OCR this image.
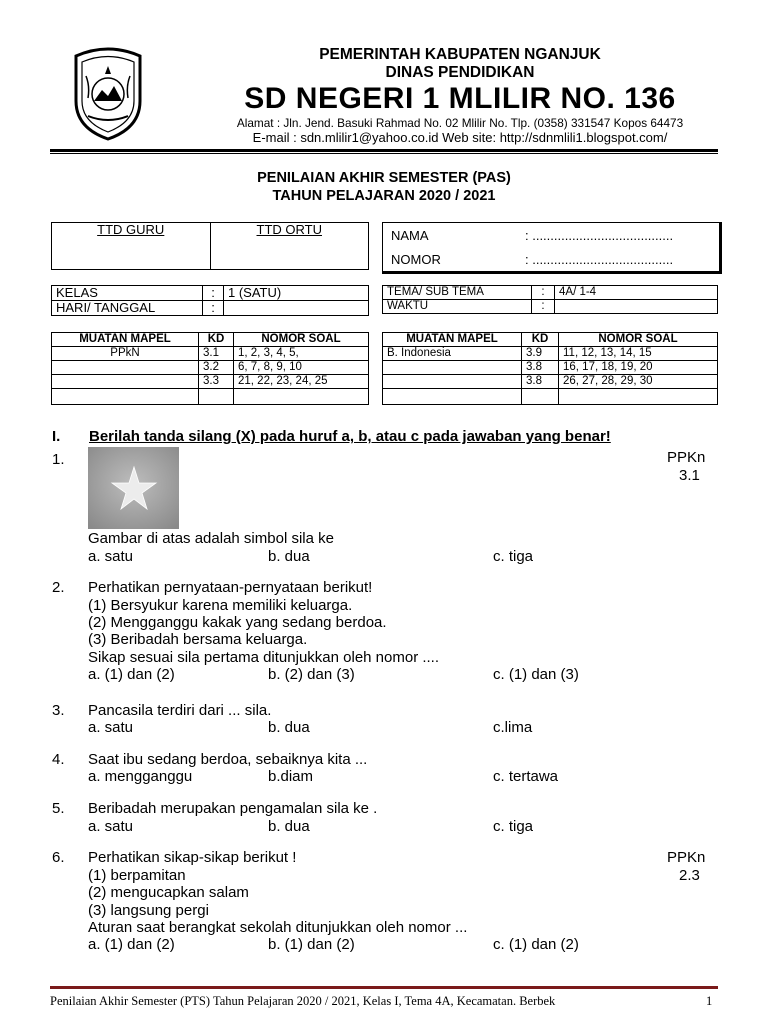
PEMERINTAH KABUPATEN NGANJUK
DINAS PENDIDIKAN
SD NEGERI 1 MLILIR NO. 136
Alamat : Jln. Jend. Basuki Rahmad No. 02 Mlilir No. Tlp. (0358) 331547 Kopos 64473
E-mail : sdn.mlilir1@yahoo.co.id Web site: http://sdnmlili1.blogspot.com/
PENILAIAN AKHIR SEMESTER (PAS)
TAHUN PELAJARAN 2020 / 2021
TTD GURU	TTD ORTU	NAMA	: .......................................
NOMOR	: .......................................
KELAS	:	1 (SATU)
HARI/ TANGGAL	:	
TEMA/ SUB TEMA	:	4A/ 1-4
WAKTU	:	
MUATAN MAPEL	KD	NOMOR SOAL
PPkN	3.1	1, 2, 3, 4, 5,
	3.2	6, 7, 8, 9, 10
	3.3	21, 22, 23, 24, 25

MUATAN MAPEL	KD	NOMOR SOAL
B. Indonesia	3.9	11, 12, 13, 14, 15
	3.8	16, 17, 18, 19, 20
	3.8	26, 27, 28, 29, 30

I. Berilah tanda silang (X) pada huruf a, b, atau c pada jawaban yang benar!
1.	PPKn
3.1
Gambar di atas adalah simbol sila ke
a. satu	b. dua	c. tiga
2. Perhatikan pernyataan-pernyataan berikut!
(1) Bersyukur karena memiliki keluarga.
(2) Mengganggu kakak yang sedang berdoa.
(3) Beribadah bersama keluarga.
Sikap sesuai sila pertama ditunjukkan oleh nomor ....
a. (1) dan (2)	b. (2) dan (3)	c. (1) dan (3)
3. Pancasila terdiri dari ... sila.
a. satu	b. dua	c.lima
4. Saat ibu sedang berdoa, sebaiknya kita ...
a. mengganggu	b.diam	c. tertawa
5. Beribadah merupakan pengamalan sila ke .
a. satu	b. dua	c. tiga
6. Perhatikan sikap-sikap berikut !	PPKn
2.3
(1) berpamitan
(2) mengucapkan salam
(3) langsung pergi
Aturan saat berangkat sekolah ditunjukkan oleh nomor ...
a. (1) dan (2)	b. (1) dan (2)	c. (1) dan (2)
Penilaian Akhir Semester (PTS) Tahun Pelajaran 2020 / 2021, Kelas I, Tema 4A, Kecamatan. Berbek	1
